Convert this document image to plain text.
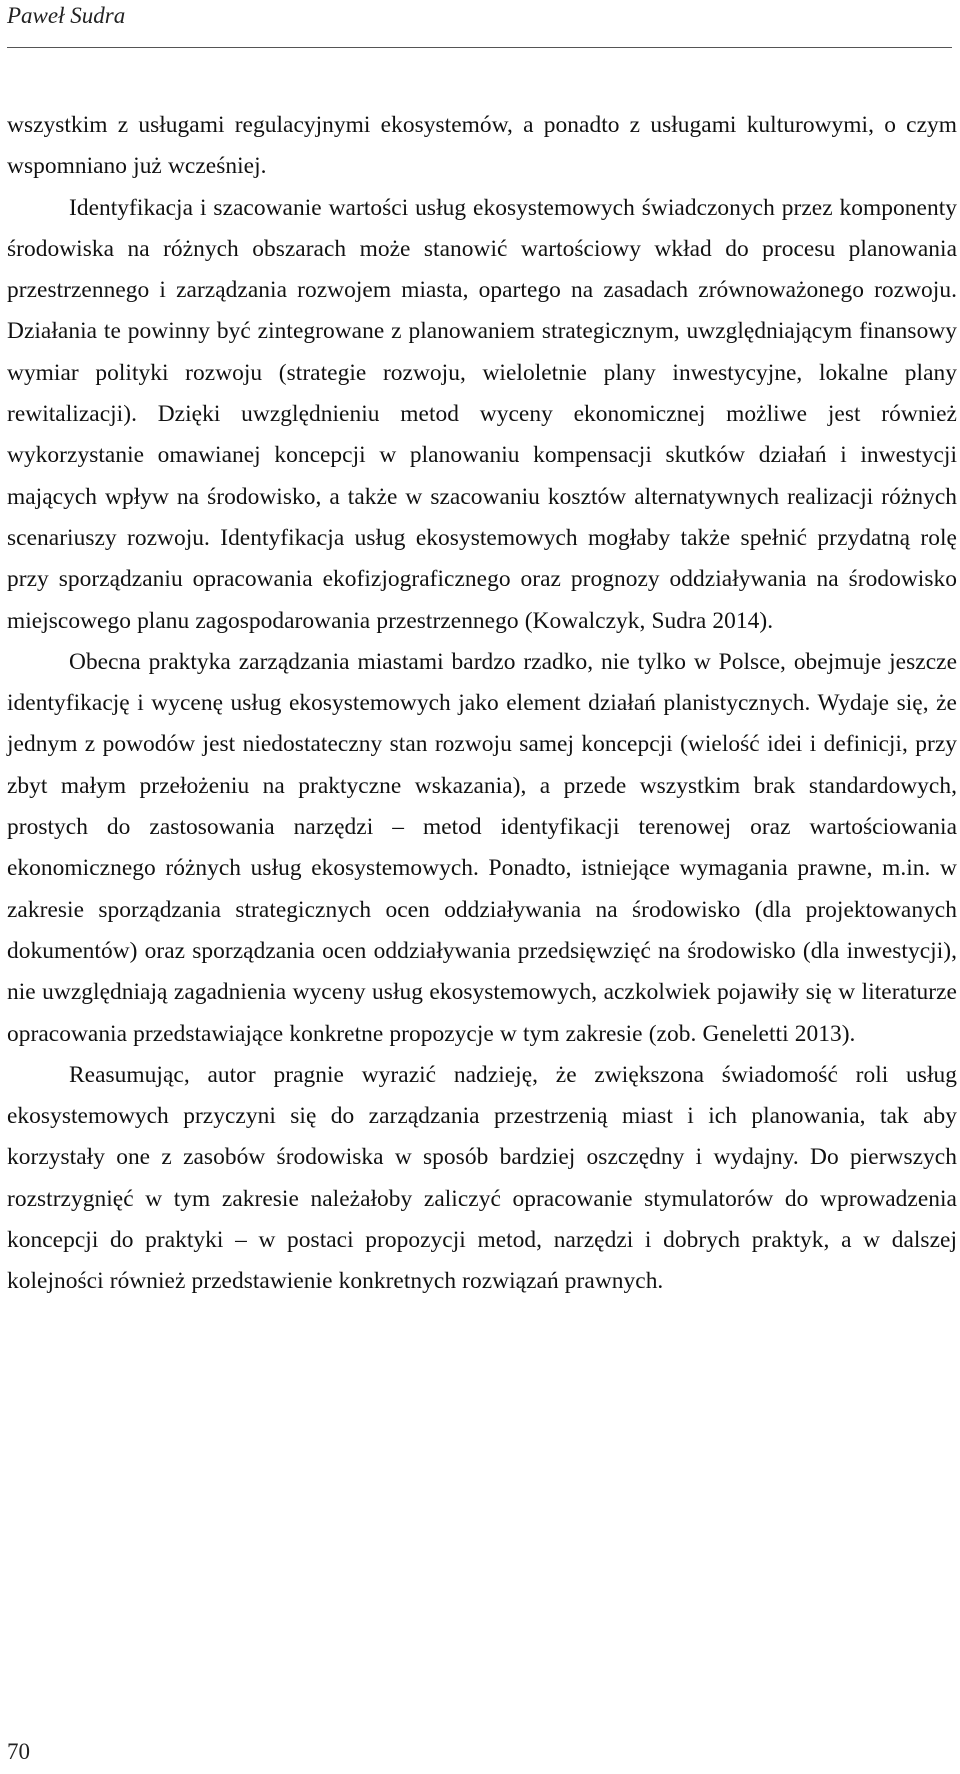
Paweł Sudra

wszystkim z usługami regulacyjnymi ekosystemów, a ponadto z usługami kulturowymi, o czym wspomniano już wcześniej.

Identyfikacja i szacowanie wartości usług ekosystemowych świadczonych przez komponenty środowiska na różnych obszarach może stanowić wartościowy wkład do procesu planowania przestrzennego i zarządzania rozwojem miasta, opartego na zasadach zrównoważonego rozwoju. Działania te powinny być zintegrowane z planowaniem strategicznym, uwzględniającym finansowy wymiar polityki rozwoju (strategie rozwoju, wieloletnie plany inwestycyjne, lokalne plany rewitalizacji). Dzięki uwzględnieniu metod wyceny ekonomicznej możliwe jest również wykorzystanie omawianej koncepcji w planowaniu kompensacji skutków działań i inwestycji mających wpływ na środowisko, a także w szacowaniu kosztów alternatywnych realizacji różnych scenariuszy rozwoju. Identyfikacja usług ekosystemowych mogłaby także spełnić przydatną rolę przy sporządzaniu opracowania ekofizjograficznego oraz prognozy oddziaływania na środowisko miejscowego planu zagospodarowania przestrzennego (Kowalczyk, Sudra 2014).

Obecna praktyka zarządzania miastami bardzo rzadko, nie tylko w Polsce, obejmuje jeszcze identyfikację i wycenę usług ekosystemowych jako element działań planistycznych. Wydaje się, że jednym z powodów jest niedostateczny stan rozwoju samej koncepcji (wielość idei i definicji, przy zbyt małym przełożeniu na praktyczne wskazania), a przede wszystkim brak standardowych, prostych do zastosowania narzędzi – metod identyfikacji terenowej oraz wartościowania ekonomicznego różnych usług ekosystemowych. Ponadto, istniejące wymagania prawne, m.in. w zakresie sporządzania strategicznych ocen oddziaływania na środowisko (dla projektowanych dokumentów) oraz sporządzania ocen oddziaływania przedsięwzięć na środowisko (dla inwestycji), nie uwzględniają zagadnienia wyceny usług ekosystemowych, aczkolwiek pojawiły się w literaturze opracowania przedstawiające konkretne propozycje w tym zakresie (zob. Geneletti 2013).

Reasumując, autor pragnie wyrazić nadzieję, że zwiększona świadomość roli usług ekosystemowych przyczyni się do zarządzania przestrzenią miast i ich planowania, tak aby korzystały one z zasobów środowiska w sposób bardziej oszczędny i wydajny. Do pierwszych rozstrzygnięć w tym zakresie należałoby zaliczyć opracowanie stymulatorów do wprowadzenia koncepcji do praktyki – w postaci propozycji metod, narzędzi i dobrych praktyk, a w dalszej kolejności również przedstawienie konkretnych rozwiązań prawnych.

70
